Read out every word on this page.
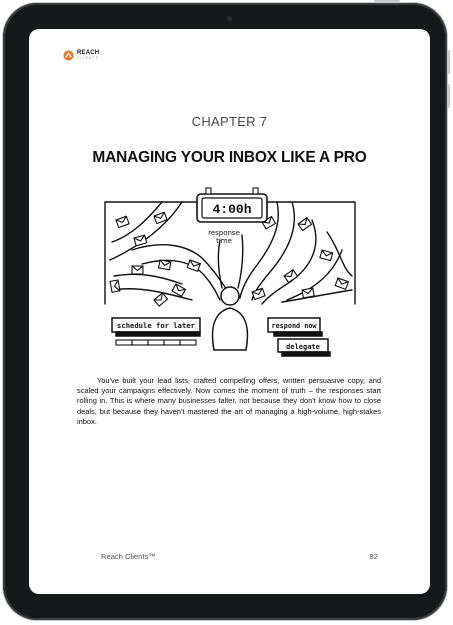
REACH
CLIENTS
CHAPTER 7
MANAGING YOUR INBOX LIKE A PRO
4:00h
response
time
schedule for later	respond now
delegate
You've built your lead lists, crafted compelling offers, written persuasive copy, and scaled your campaigns effectively. Now comes the moment of truth – the responses start rolling in. This is where many businesses falter, not because they don't know how to close deals, but because they haven't mastered the art of managing a high-volume, high-stakes inbox.
Reach Clients™	82
